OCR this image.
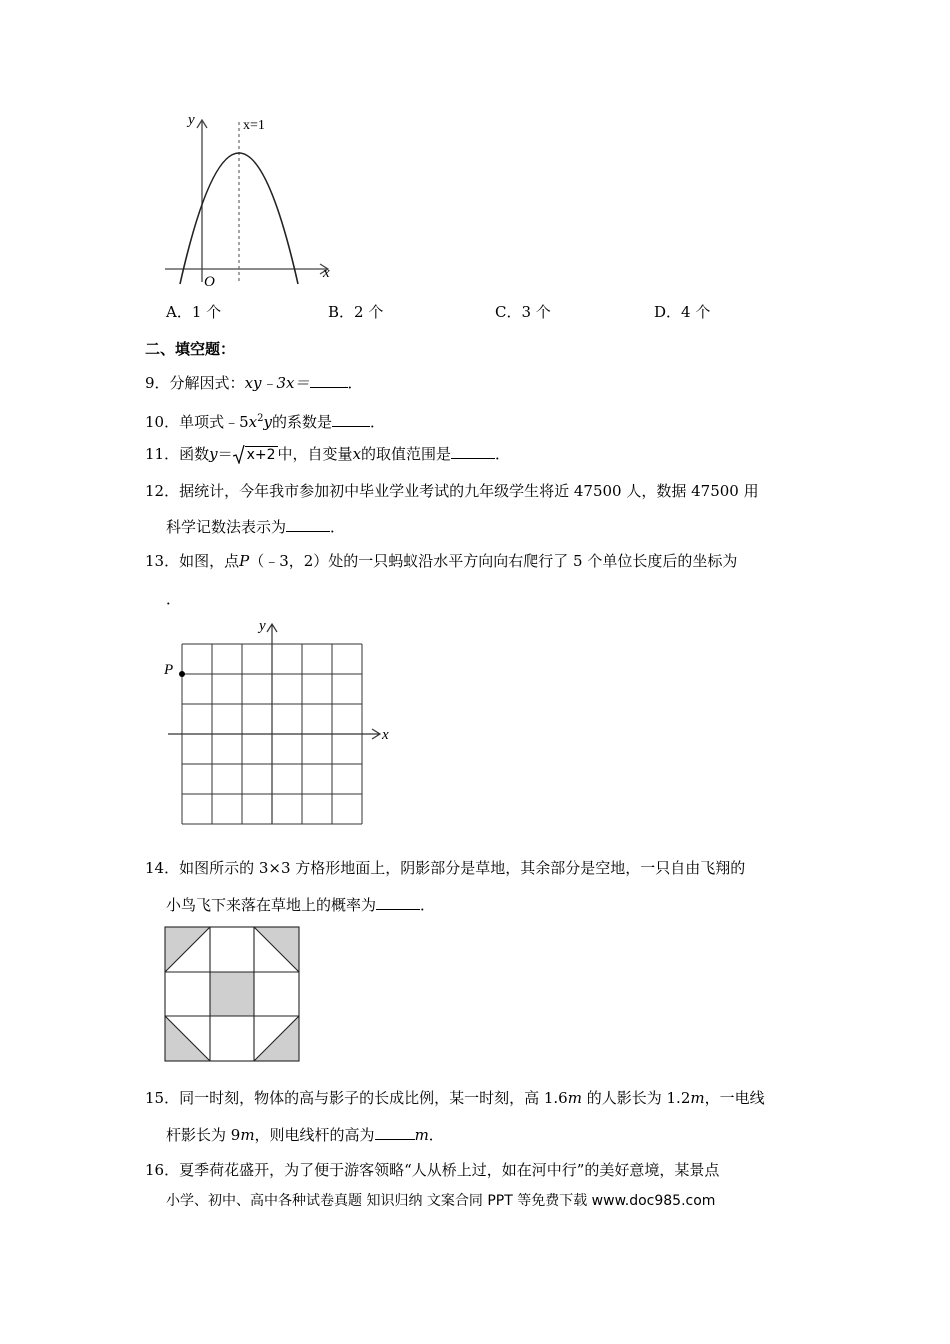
x
y
O
x=1
A．1 个	B．2 个	C．3 个	D．4 个
二、填空题：
9．分解因式：xy﹣3x＝	．
10．单项式$﹣5x^2y$的系数是	．
11．函数y＝ x+2 中，自变量x的取值范围是	．
12．据统计，今年我市参加初中毕业学业考试的九年级学生将近 47500 人，数据 47500 用
科学记数法表示为	．
13．如图，点P（﹣3，2）处的一只蚂蚁沿水平方向向右爬行了 5 个单位长度后的坐标为
．
P
x
y
14．如图所示的 3×3 方格形地面上，阴影部分是草地，其余部分是空地，一只自由飞翔的
小鸟飞下来落在草地上的概率为	．
15．同一时刻，物体的高与影子的长成比例，某一时刻，高 1.6m 的人影长为 1.2m，一电线
杆影长为 9m，则电线杆的高为	m．
16．夏季荷花盛开，为了便于游客领略“人从桥上过，如在河中行”的美好意境，某景点
小学、初中、高中各种试卷真题 知识归纳 文案合同 PPT 等免费下载 www.doc985.com
